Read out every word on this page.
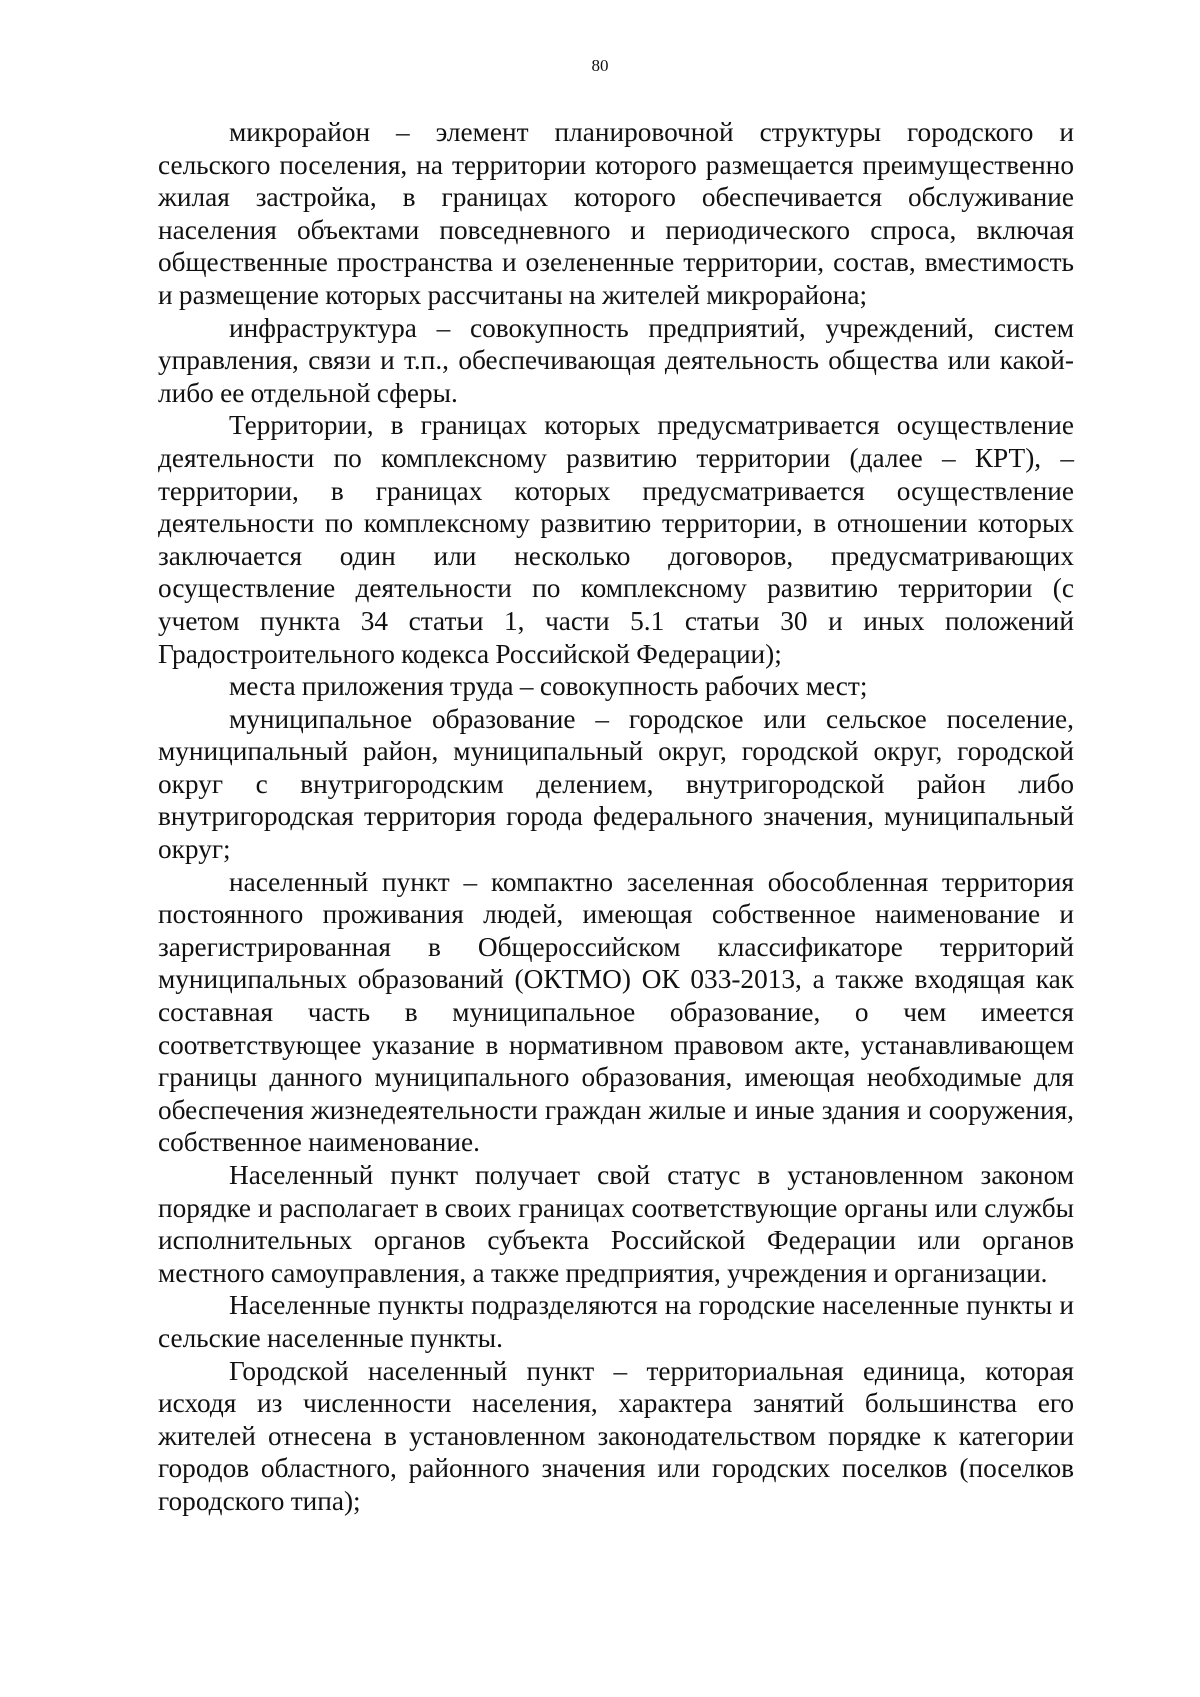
80

микрорайон – элемент планировочной структуры городского и сельского поселения, на территории которого размещается преимущественно жилая застройка, в границах которого обеспечивается обслуживание населения объектами повседневного и периодического спроса, включая общественные пространства и озелененные территории, состав, вместимость и размещение которых рассчитаны на жителей микрорайона;

инфраструктура – совокупность предприятий, учреждений, систем управления, связи и т.п., обеспечивающая деятельность общества или какой-либо ее отдельной сферы.

Территории, в границах которых предусматривается осуществление деятельности по комплексному развитию территории (далее – КРТ), – территории, в границах которых предусматривается осуществление деятельности по комплексному развитию территории, в отношении которых заключается один или несколько договоров, предусматривающих осуществление деятельности по комплексному развитию территории (с учетом пункта 34 статьи 1, части 5.1 статьи 30 и иных положений Градостроительного кодекса Российской Федерации);

места приложения труда – совокупность рабочих мест;

муниципальное образование – городское или сельское поселение, муниципальный район, муниципальный округ, городской округ, городской округ с внутригородским делением, внутригородской район либо внутригородская территория города федерального значения, муниципальный округ;

населенный пункт – компактно заселенная обособленная территория постоянного проживания людей, имеющая собственное наименование и зарегистрированная в Общероссийском классификаторе территорий муниципальных образований (ОКТМО) ОК 033-2013, а также входящая как составная часть в муниципальное образование, о чем имеется соответствующее указание в нормативном правовом акте, устанавливающем границы данного муниципального образования, имеющая необходимые для обеспечения жизнедеятельности граждан жилые и иные здания и сооружения, собственное наименование.

Населенный пункт получает свой статус в установленном законом порядке и располагает в своих границах соответствующие органы или службы исполнительных органов субъекта Российской Федерации или органов местного самоуправления, а также предприятия, учреждения и организации.

Населенные пункты подразделяются на городские населенные пункты и сельские населенные пункты.

Городской населенный пункт – территориальная единица, которая исходя из численности населения, характера занятий большинства его жителей отнесена в установленном законодательством порядке к категории городов областного, районного значения или городских поселков (поселков городского типа);
